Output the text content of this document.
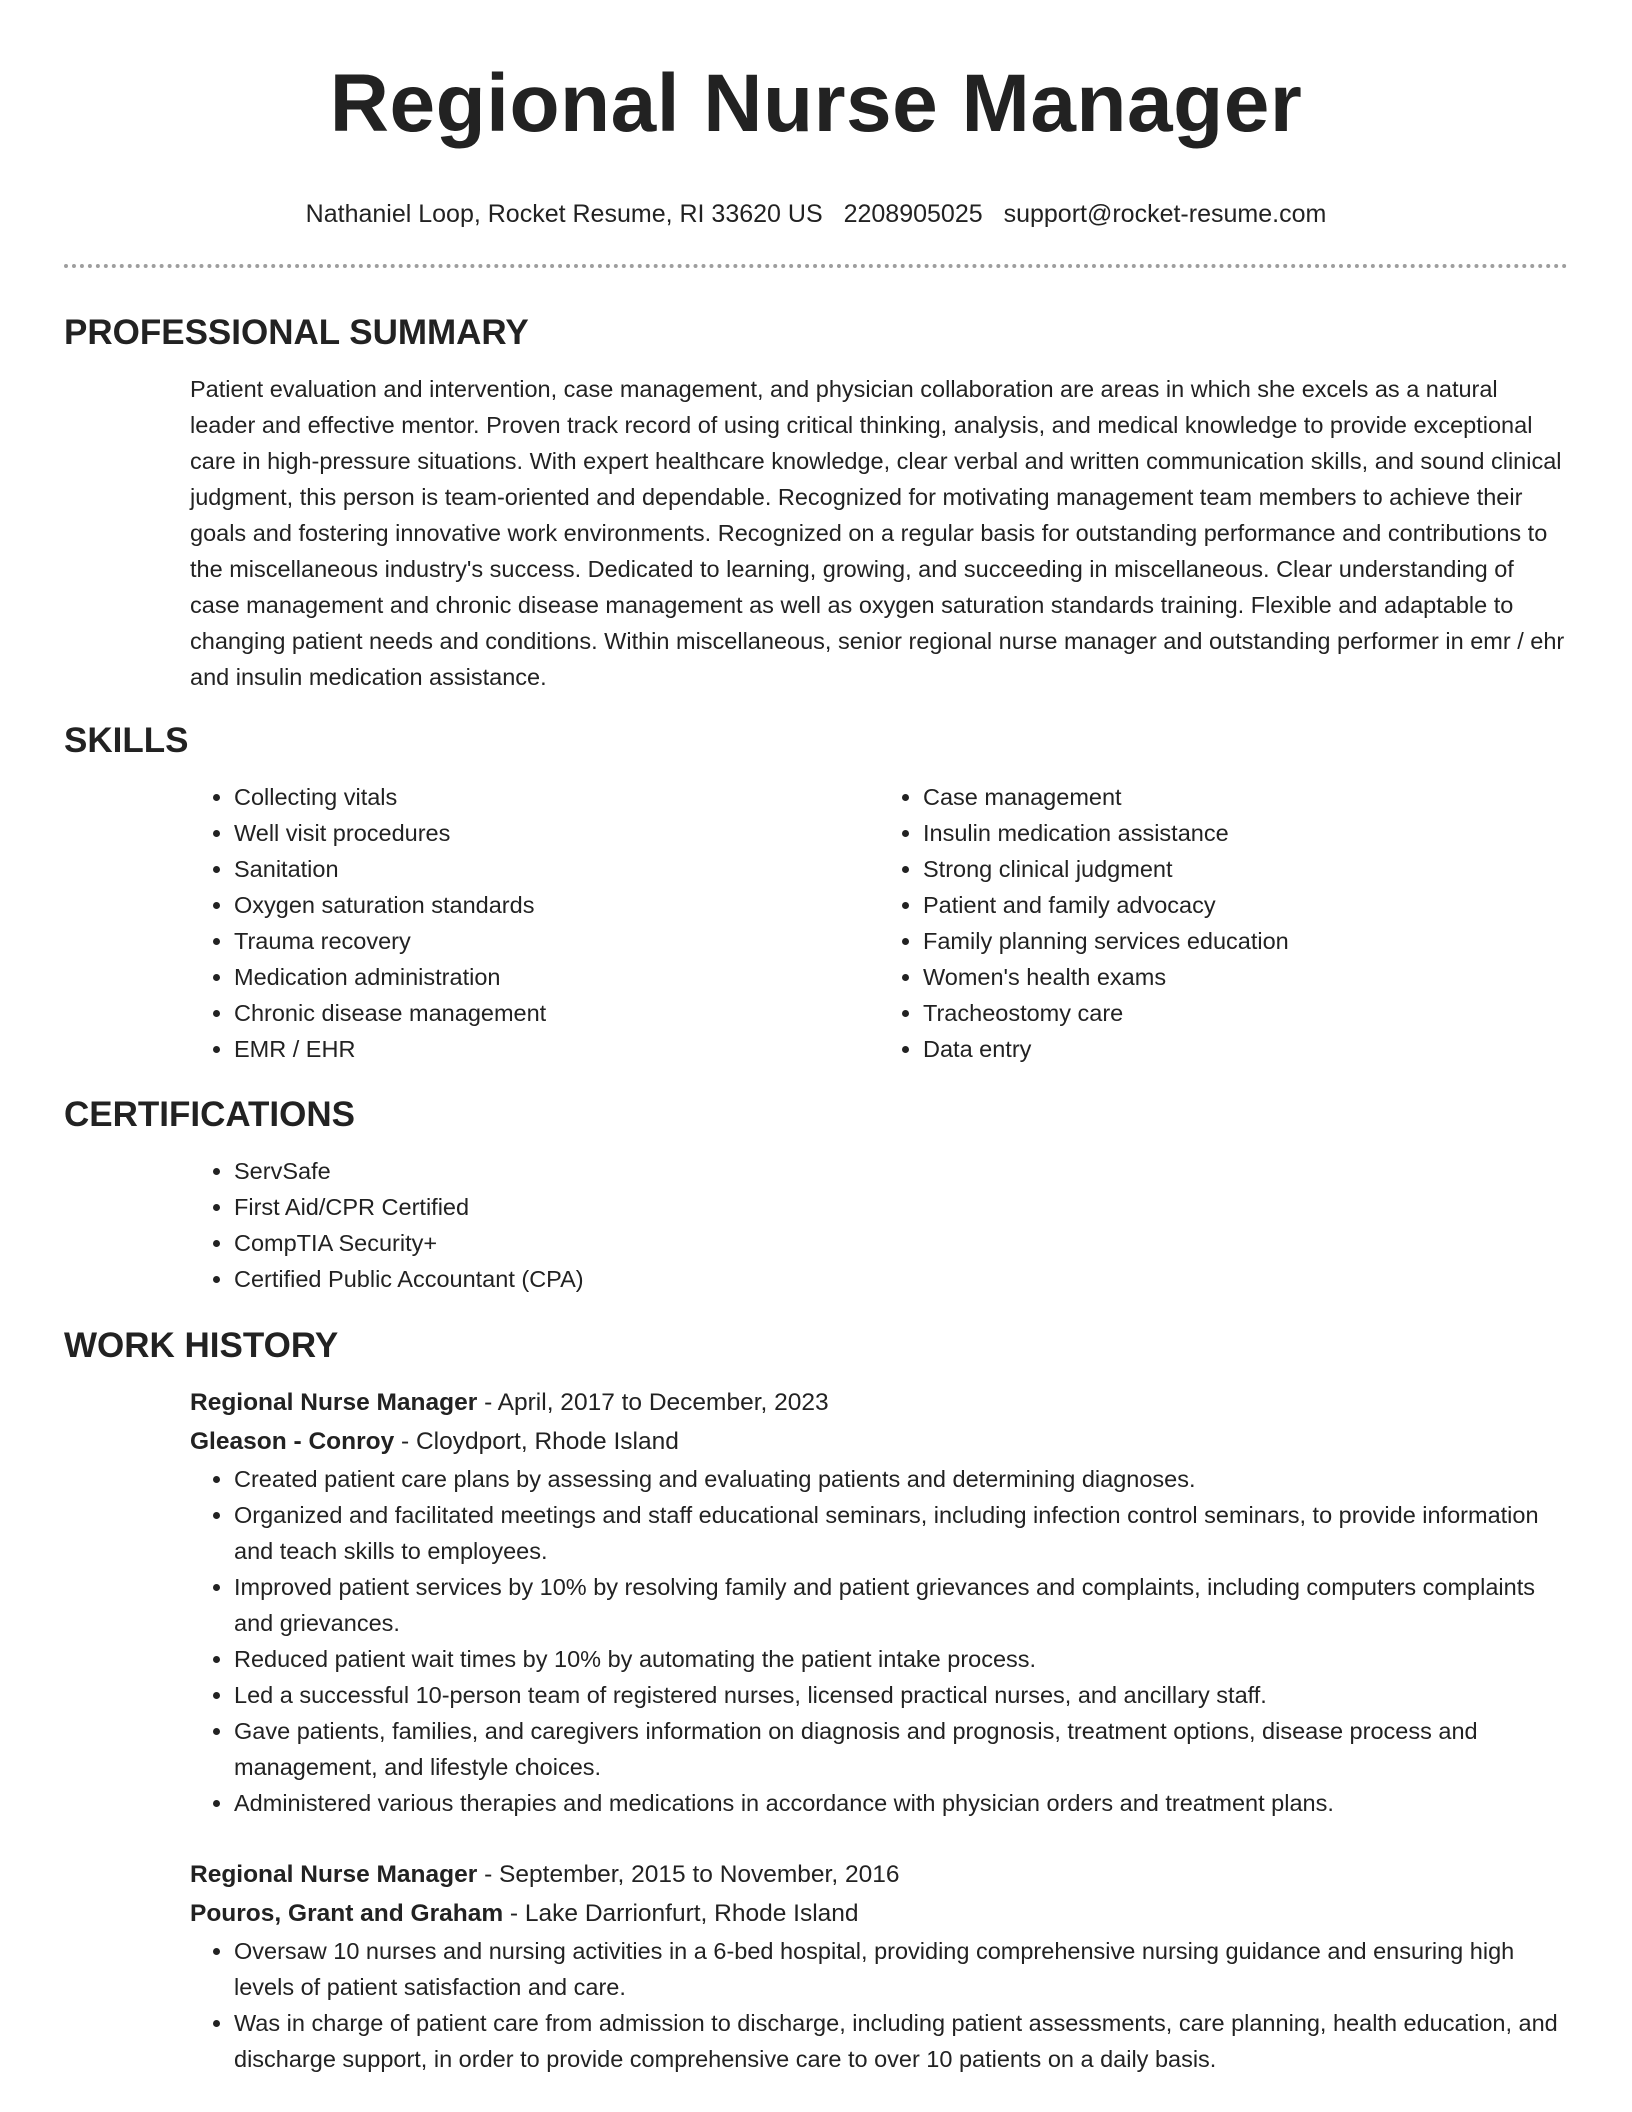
Regional Nurse Manager
Nathaniel Loop, Rocket Resume, RI 33620 US 2208905025 support@rocket-resume.com
PROFESSIONAL SUMMARY

Patient evaluation and intervention, case management, and physician collaboration are areas in which she excels as a natural leader and effective mentor. Proven track record of using critical thinking, analysis, and medical knowledge to provide exceptional care in high-pressure situations. With expert healthcare knowledge, clear verbal and written communication skills, and sound clinical judgment, this person is team-oriented and dependable. Recognized for motivating management team members to achieve their goals and fostering innovative work environments. Recognized on a regular basis for outstanding performance and contributions to the miscellaneous industry's success. Dedicated to learning, growing, and succeeding in miscellaneous. Clear understanding of case management and chronic disease management as well as oxygen saturation standards training. Flexible and adaptable to changing patient needs and conditions. Within miscellaneous, senior regional nurse manager and outstanding performer in emr / ehr and insulin medication assistance.

SKILLS
• Collecting vitals
• Well visit procedures
• Sanitation
• Oxygen saturation standards
• Trauma recovery
• Medication administration
• Chronic disease management
• EMR / EHR
• Case management
• Insulin medication assistance
• Strong clinical judgment
• Patient and family advocacy
• Family planning services education
• Women's health exams
• Tracheostomy care
• Data entry
CERTIFICATIONS
• ServSafe
• First Aid/CPR Certified
• CompTIA Security+
• Certified Public Accountant (CPA)
WORK HISTORY
Regional Nurse Manager - April, 2017 to December, 2023
Gleason - Conroy - Cloydport, Rhode Island
• Created patient care plans by assessing and evaluating patients and determining diagnoses.
• Organized and facilitated meetings and staff educational seminars, including infection control seminars, to provide information and teach skills to employees.
• Improved patient services by 10% by resolving family and patient grievances and complaints, including computers complaints and grievances.
• Reduced patient wait times by 10% by automating the patient intake process.
• Led a successful 10-person team of registered nurses, licensed practical nurses, and ancillary staff.
• Gave patients, families, and caregivers information on diagnosis and prognosis, treatment options, disease process and management, and lifestyle choices.
• Administered various therapies and medications in accordance with physician orders and treatment plans.
Regional Nurse Manager - September, 2015 to November, 2016
Pouros, Grant and Graham - Lake Darrionfurt, Rhode Island
• Oversaw 10 nurses and nursing activities in a 6-bed hospital, providing comprehensive nursing guidance and ensuring high levels of patient satisfaction and care.
• Was in charge of patient care from admission to discharge, including patient assessments, care planning, health education, and discharge support, in order to provide comprehensive care to over 10 patients on a daily basis.
